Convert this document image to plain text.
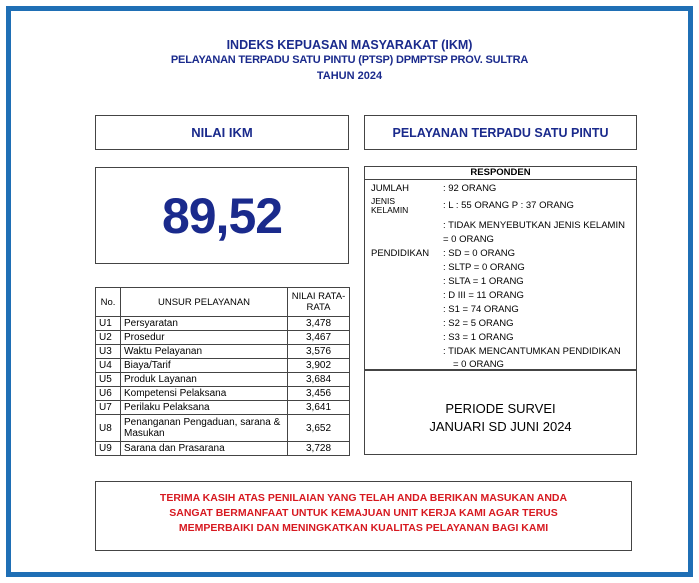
INDEKS KEPUASAN MASYARAKAT (IKM)
PELAYANAN TERPADU SATU PINTU (PTSP) DPMPTSP PROV. SULTRA
TAHUN 2024
NILAI IKM	PELAYANAN TERPADU SATU PINTU
89,52
No.	UNSUR PELAYANAN	NILAI RATA-RATA
U1	Persyaratan	3,478
U2	Prosedur	3,467
U3	Waktu Pelayanan	3,576
U4	Biaya/Tarif	3,902
U5	Produk Layanan	3,684
U6	Kompetensi Pelaksana	3,456
U7	Perilaku Pelaksana	3,641
U8	Penanganan Pengaduan, sarana & Masukan	3,652
U9	Sarana dan Prasarana	3,728
RESPONDEN
JUMLAH	: 92 ORANG
JENIS
KELAMIN	: L : 55 ORANG P : 37 ORANG
: TIDAK MENYEBUTKAN JENIS KELAMIN
= 0 ORANG
PENDIDIKAN : SD = 0 ORANG
: SLTP = 0 ORANG
: SLTA = 1 ORANG
: D III = 11 ORANG
: S1 = 74 ORANG
: S2 = 5 ORANG
: S3 = 1 ORANG
: TIDAK MENCANTUMKAN PENDIDIKAN
= 0 ORANG
PERIODE SURVEI
JANUARI SD JUNI 2024
TERIMA KASIH ATAS PENILAIAN YANG TELAH ANDA BERIKAN MASUKAN ANDA
SANGAT BERMANFAAT UNTUK KEMAJUAN UNIT KERJA KAMI AGAR TERUS
MEMPERBAIKI DAN MENINGKATKAN KUALITAS PELAYANAN BAGI KAMI
